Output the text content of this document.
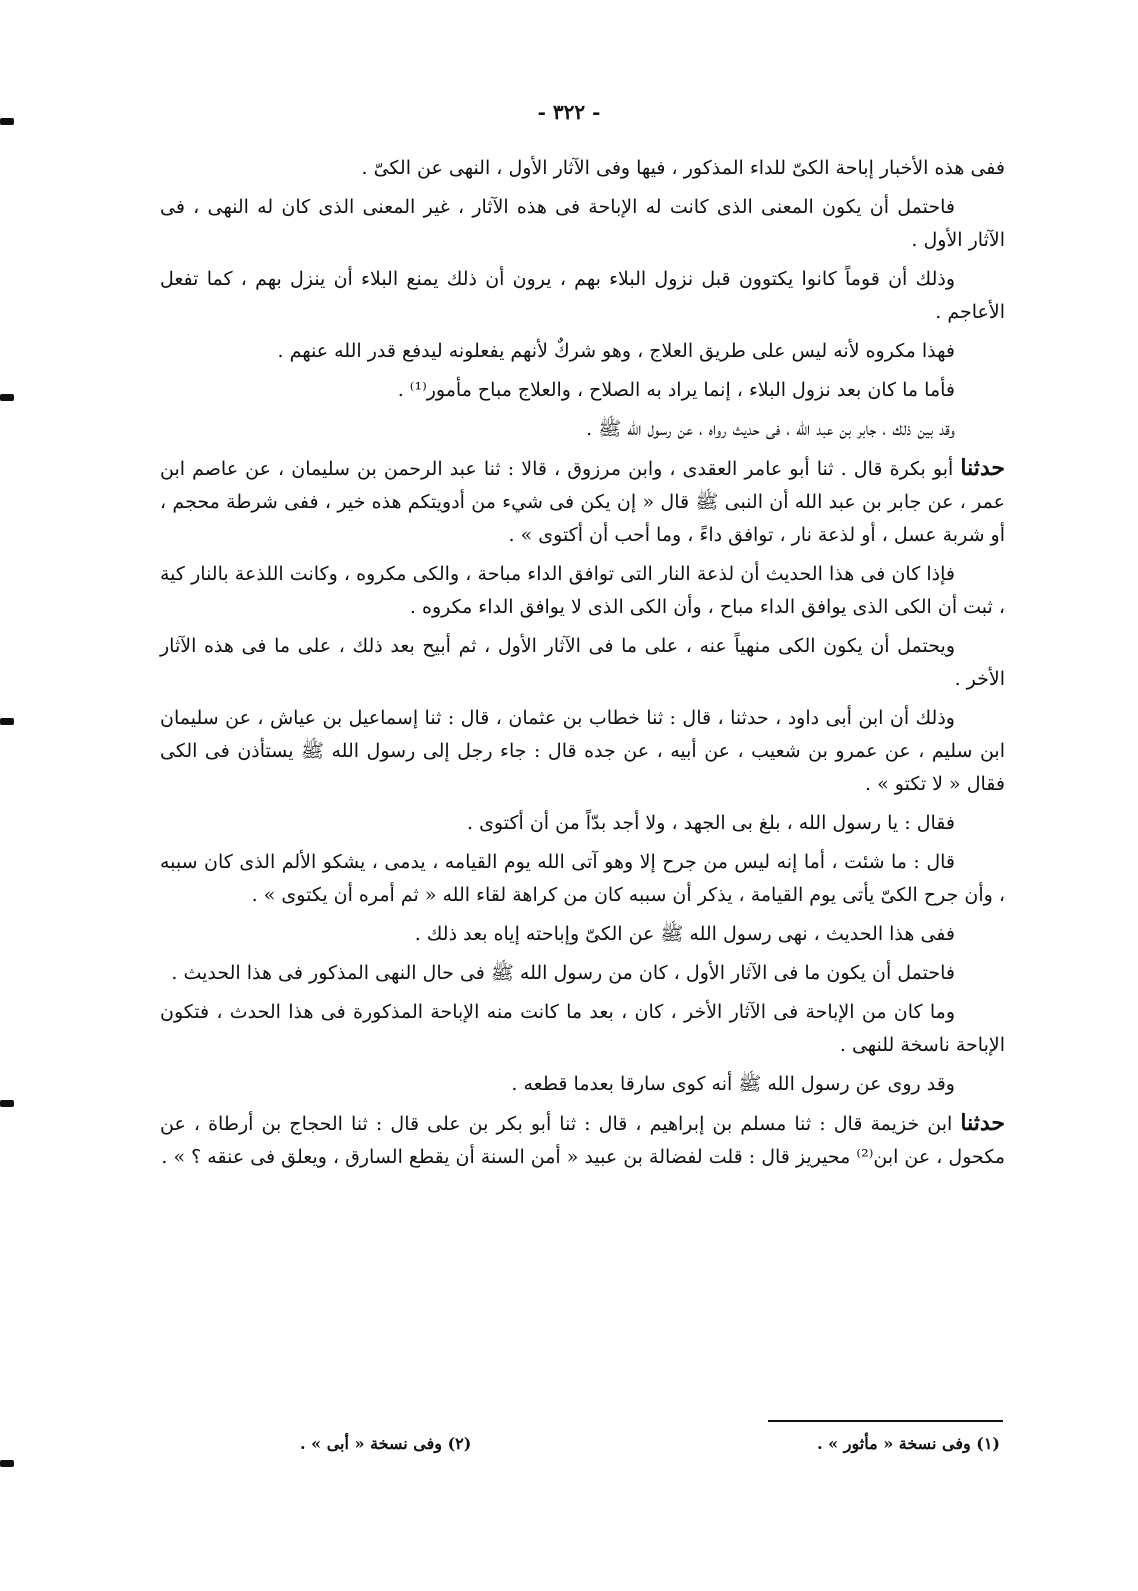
- ٣٢٢ -

ففى هذه الأخبار إباحة الكىّ للداء المذكور ، فيها وفى الآثار الأول ، النهى عن الكىّ .

فاحتمل أن يكون المعنى الذى كانت له الإباحة فى هذه الآثار ، غير المعنى الذى كان له النهى ، فى الآثار الأول .

وذلك أن قوماً كانوا يكتوون قبل نزول البلاء بهم ، يرون أن ذلك يمنع البلاء أن ينزل بهم ، كما تفعل الأعاجم .

فهذا مكروه لأنه ليس على طريق العلاج ، وهو شركٌ لأنهم يفعلونه ليدفع قدر الله عنهم .

فأما ما كان بعد نزول البلاء ، إنما يراد به الصلاح ، والعلاج مباح مأمور⁽¹⁾ .

وقد بين ذلك ، جابر بن عبد الله ، فى حديث رواه ، عن رسول الله ﷺ .

حدثنا أبو بكرة قال . ثنا أبو عامر العقدى ، وابن مرزوق ، قالا : ثنا عبد الرحمن بن سليمان ، عن عاصم ابن عمر ، عن جابر بن عبد الله أن النبى ﷺ قال « إن يكن فى شيء من أدويتكم هذه خير ، ففى شرطة محجم ، أو شربة عسل ، أو لذعة نار ، توافق داءً ، وما أحب أن أكتوى » .

فإذا كان فى هذا الحديث أن لذعة النار التى توافق الداء مباحة ، والكى مكروه ، وكانت اللذعة بالنار كية ، ثبت أن الكى الذى يوافق الداء مباح ، وأن الكى الذى لا يوافق الداء مكروه .

ويحتمل أن يكون الكى منهياً عنه ، على ما فى الآثار الأول ، ثم أبيح بعد ذلك ، على ما فى هذه الآثار الأخر .

وذلك أن ابن أبى داود ، حدثنا ، قال : ثنا خطاب بن عثمان ، قال : ثنا إسماعيل بن عياش ، عن سليمان ابن سليم ، عن عمرو بن شعيب ، عن أبيه ، عن جده قال : جاء رجل إلى رسول الله ﷺ يستأذن فى الكى فقال « لا تكتو » .

فقال : يا رسول الله ، بلغ بى الجهد ، ولا أجد بدّاً من أن أكتوى .

قال : ما شئت ، أما إنه ليس من جرح إلا وهو آتى الله يوم القيامه ، يدمى ، يشكو الألم الذى كان سببه ، وأن جرح الكىّ يأتى يوم القيامة ، يذكر أن سببه كان من كراهة لقاء الله « ثم أمره أن يكتوى » .

ففى هذا الحديث ، نهى رسول الله ﷺ عن الكىّ وإباحته إياه بعد ذلك .

فاحتمل أن يكون ما فى الآثار الأول ، كان من رسول الله ﷺ فى حال النهى المذكور فى هذا الحديث .

وما كان من الإباحة فى الآثار الأخر ، كان ، بعد ما كانت منه الإباحة المذكورة فى هذا الحدث ، فتكون الإباحة ناسخة للنهى .

وقد روى عن رسول الله ﷺ أنه كوى سارقا بعدما قطعه .

حدثنا ابن خزيمة قال : ثنا مسلم بن إبراهيم ، قال : ثنا أبو بكر بن على قال : ثنا الحجاج بن أرطاة ، عن مكحول ، عن ابن⁽²⁾ محيريز قال : قلت لفضالة بن عبيد « أمن السنة أن يقطع السارق ، ويعلق فى عنقه ؟ » .

(١) وفى نسخة « مأثور » .
(٢) وفى نسخة « أبى » .
